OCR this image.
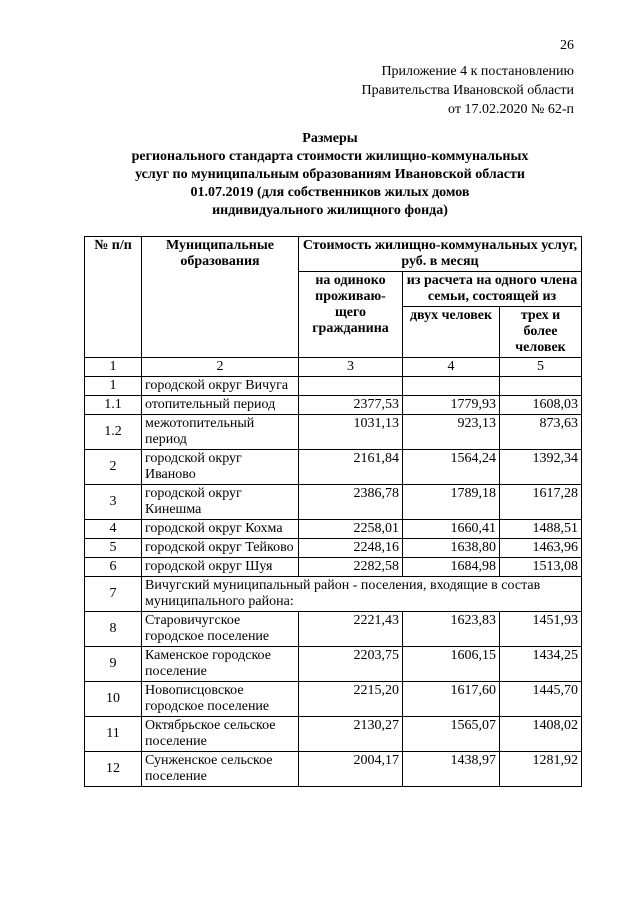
26
Приложение 4 к постановлению
Правительства Ивановской области
от 17.02.2020 № 62-п
Размеры
регионального стандарта стоимости жилищно-коммунальных
услуг по муниципальным образованиям Ивановской области
01.07.2019 (для собственников жилых домов
индивидуального жилищного фонда)
№ п/п	Муниципальные образования	Стоимость жилищно-коммунальных услуг, руб. в месяц		
		на одиноко проживаю-щего гражданина	из расчета на одного члена семьи, состоящей из	
			двух человек	трех и более человек
1	2	3	4	5
1	городской округ Вичуга			
1.1	отопительный период	2377,53	1779,93	1608,03
1.2	межотопительный период	1031,13	923,13	873,63
2	городской округ Иваново	2161,84	1564,24	1392,34
3	городской округ Кинешма	2386,78	1789,18	1617,28
4	городской округ Кохма	2258,01	1660,41	1488,51
5	городской округ Тейково	2248,16	1638,80	1463,96
6	городской округ Шуя	2282,58	1684,98	1513,08
7	Вичугский муниципальный район - поселения, входящие в состав муниципального района:			
8	Старовичугское городское поселение	2221,43	1623,83	1451,93
9	Каменское городское поселение	2203,75	1606,15	1434,25
10	Новописцовское городское поселение	2215,20	1617,60	1445,70
11	Октябрьское сельское поселение	2130,27	1565,07	1408,02
12	Сунженское сельское поселение	2004,17	1438,97	1281,92
